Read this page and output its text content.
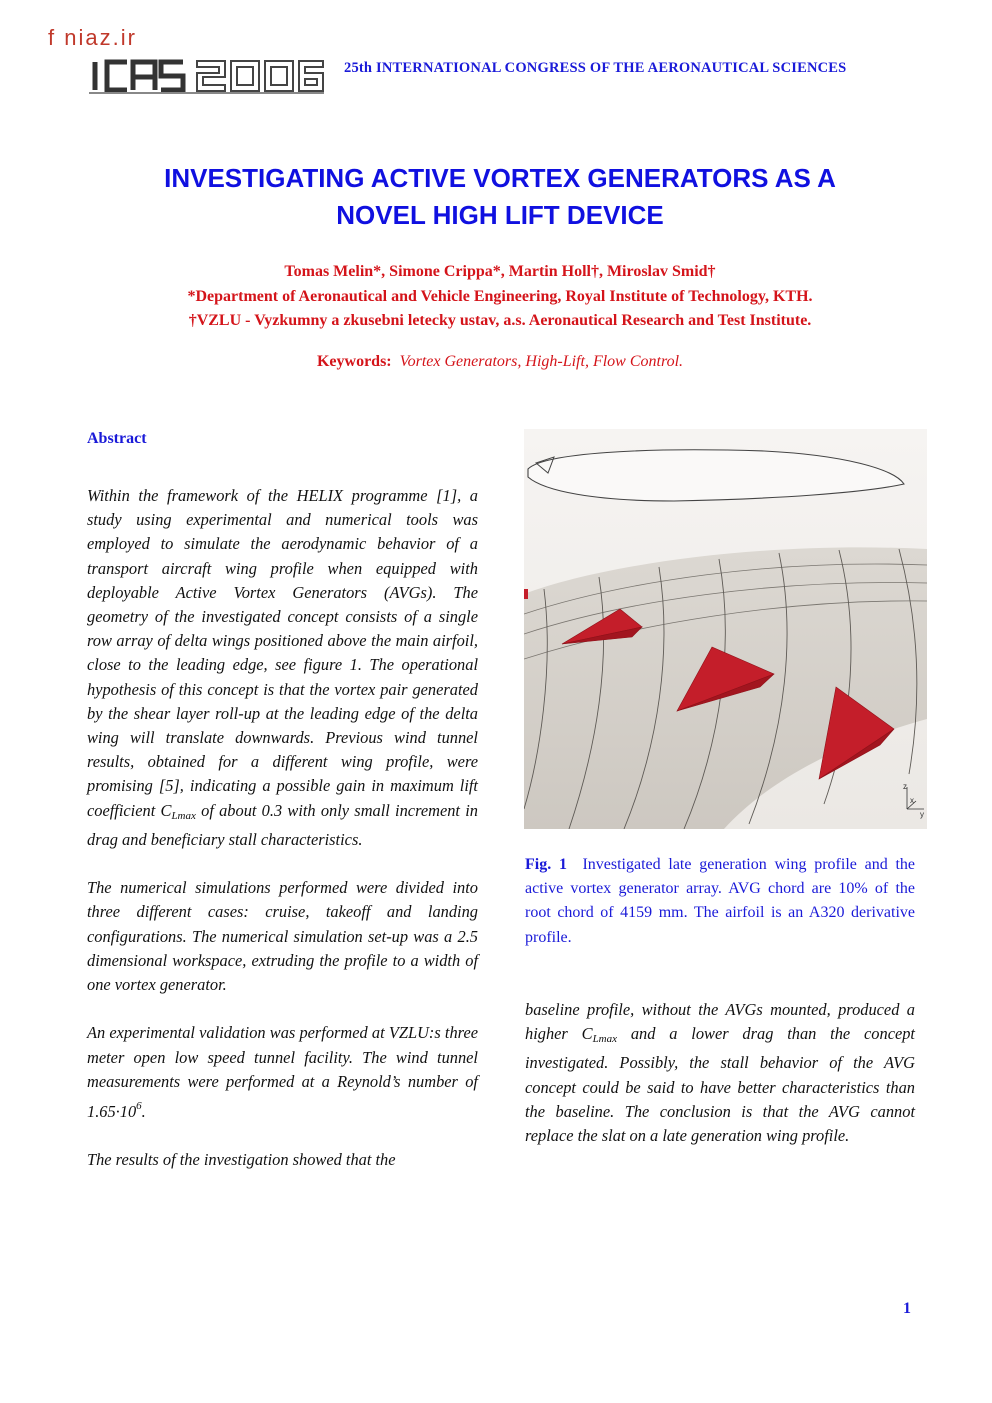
f niaz.ir
25th INTERNATIONAL CONGRESS OF THE AERONAUTICAL SCIENCES
INVESTIGATING ACTIVE VORTEX GENERATORS AS A
NOVEL HIGH LIFT DEVICE
Tomas Melin*, Simone Crippa*, Martin Holl†, Miroslav Smid†
*Department of Aeronautical and Vehicle Engineering, Royal Institute of Technology, KTH.
†VZLU - Vyzkumny a zkusebni letecky ustav, a.s. Aeronautical Research and Test Institute.
Keywords: Vortex Generators, High-Lift, Flow Control.
Abstract

Within the framework of the HELIX programme [1], a study using experimental and numerical tools was employed to simulate the aerodynamic behavior of a transport aircraft wing profile when equipped with deployable Active Vortex Generators (AVGs). The geometry of the investigated concept consists of a single row array of delta wings positioned above the main airfoil, close to the leading edge, see figure 1. The operational hypothesis of this concept is that the vortex pair generated by the shear layer roll-up at the leading edge of the delta wing will translate downwards. Previous wind tunnel results, obtained for a different wing profile, were promising [5], indicating a possible gain in maximum lift coefficient $C_{Lmax}$ of about 0.3 with only small increment in drag and beneficiary stall characteristics.

The numerical simulations performed were divided into three different cases: cruise, takeoff and landing configurations. The numerical simulation set-up was a 2.5 dimensional workspace, extruding the profile to a width of one vortex generator.

An experimental validation was performed at VZLU:s three meter open low speed tunnel facility. The wind tunnel measurements were performed at a Reynold’s number of $1.65\cdot 10^6$.

The results of the investigation showed that the

z
x
y
Fig. 1 Investigated late generation wing profile and the active vortex generator array. AVG chord are 10% of the root chord of 4159 mm. The airfoil is an A320 derivative profile.

baseline profile, without the AVGs mounted, produced a higher $C_{Lmax}$ and a lower drag than the concept investigated. Possibly, the stall behavior of the AVG concept could be said to have better characteristics than the baseline. The conclusion is that the AVG cannot replace the slat on a late generation wing profile.

1
